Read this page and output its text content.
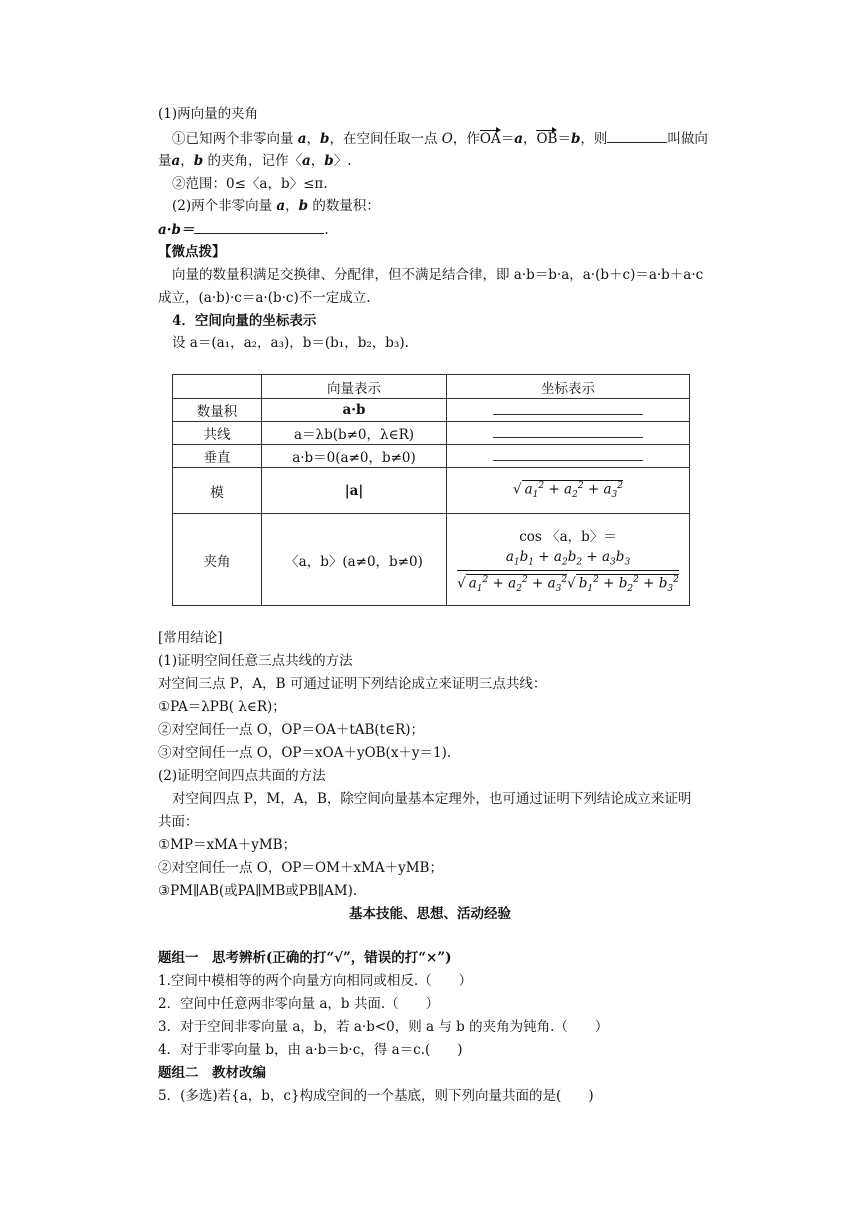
(1)两向量的夹角
①已知两个非零向量 a，b，在空间任取一点 O，作OA＝a，OB＝b，则	叫做向
量a，b 的夹角，记作〈a，b〉.
②范围：0≤〈a，b〉≤π.
(2)两个非零向量 a，b 的数量积：
a·b＝	.
【微点拨】
向量的数量积满足交换律、分配律，但不满足结合律，即 a·b＝b·a，a·(b＋c)＝a·b＋a·c
成立，(a·b)·c＝a·(b·c)不一定成立.
4．空间向量的坐标表示
设 a＝(a₁，a₂，a₃)，b＝(b₁，b₂，b₃).
	向量表示	坐标表示
数量积	a·b	
共线	a＝λb(b≠0，λ∈R)	
垂直	a·b＝0(a≠0，b≠0)	
模	|a|	√ $a_1^2 + a_2^2 + a_3^2$
夹角	〈a，b〉(a≠0，b≠0)	cos 〈a，b〉＝
$\frac{a_1b_1 + a_2b_2 + a_3b_3}{√ a_1^2 + a_2^2 + a_3^2√ b_1^2 + b_2^2 + b_3^2}$
[常用结论]
(1)证明空间任意三点共线的方法
对空间三点 P，A，B 可通过证明下列结论成立来证明三点共线：
①PA＝λPB( λ∈R)；
②对空间任一点 O，OP＝OA＋tAB(t∈R)；
③对空间任一点 O，OP＝xOA＋yOB(x＋y＝1).
(2)证明空间四点共面的方法
对空间四点 P，M，A，B，除空间向量基本定理外，也可通过证明下列结论成立来证明
共面：
①MP＝xMA＋yMB；
②对空间任一点 O，OP＝OM＋xMA＋yMB；
③PM∥AB(或PA∥MB或PB∥AM).
基本技能、思想、活动经验
题组一　思考辨析(正确的打“√”，错误的打“×”)
1.空间中模相等的两个向量方向相同或相反.（　　）
2．空间中任意两非零向量 a，b 共面.（　　）
3．对于空间非零向量 a，b，若 a·b<0，则 a 与 b 的夹角为钝角.（　　）
4．对于非零向量 b，由 a·b＝b·c，得 a＝c.(　　)
题组二　教材改编
5．(多选)若{a，b，c}构成空间的一个基底，则下列向量共面的是(　　)
